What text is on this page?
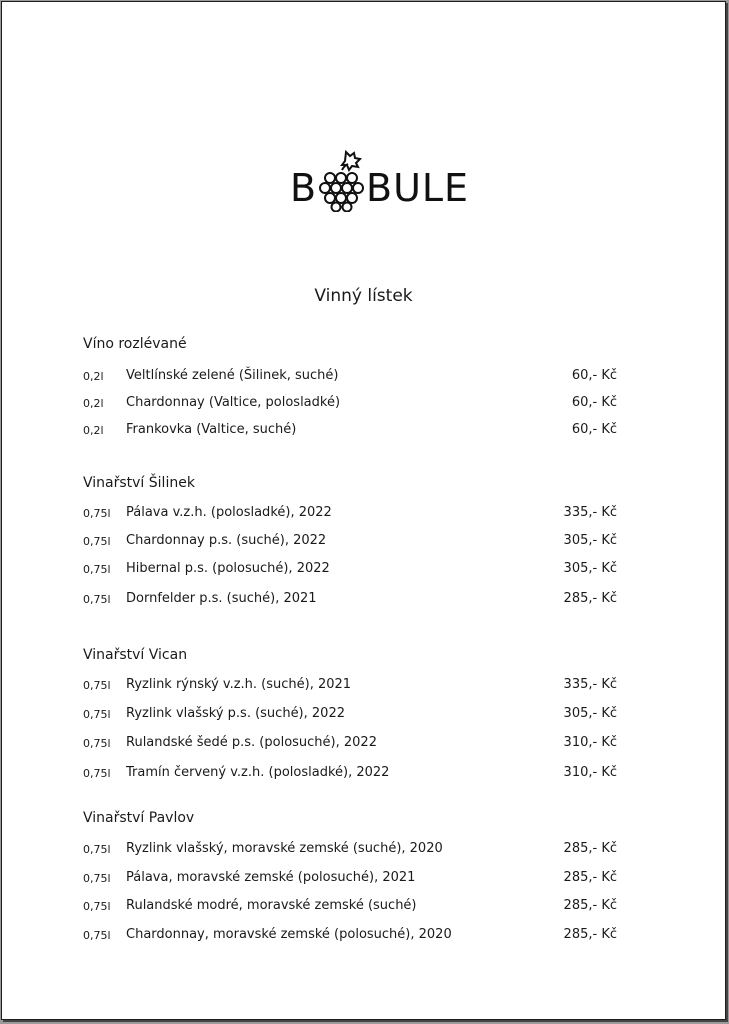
B BULE
Vinný lístek
Víno rozlévané
0,2l Veltlínské zelené (Šilinek, suché)	60,- Kč
0,2l Chardonnay (Valtice, polosladké)	60,- Kč
0,2l Frankovka (Valtice, suché)	60,- Kč
Vinařství Šilinek
0,75l Pálava v.z.h. (polosladké), 2022	335,- Kč
0,75l Chardonnay p.s. (suché), 2022	305,- Kč
0,75l Hibernal p.s. (polosuché), 2022	305,- Kč
0,75l Dornfelder p.s. (suché), 2021	285,- Kč
Vinařství Vican
0,75l Ryzlink rýnský v.z.h. (suché), 2021	335,- Kč
0,75l Ryzlink vlašský p.s. (suché), 2022	305,- Kč
0,75l Rulandské šedé p.s. (polosuché), 2022	310,- Kč
0,75l Tramín červený v.z.h. (polosladké), 2022	310,- Kč
Vinařství Pavlov
0,75l Ryzlink vlašský, moravské zemské (suché), 2020	285,- Kč
0,75l Pálava, moravské zemské (polosuché), 2021	285,- Kč
0,75l Rulandské modré, moravské zemské (suché)	285,- Kč
0,75l Chardonnay, moravské zemské (polosuché), 2020	285,- Kč
